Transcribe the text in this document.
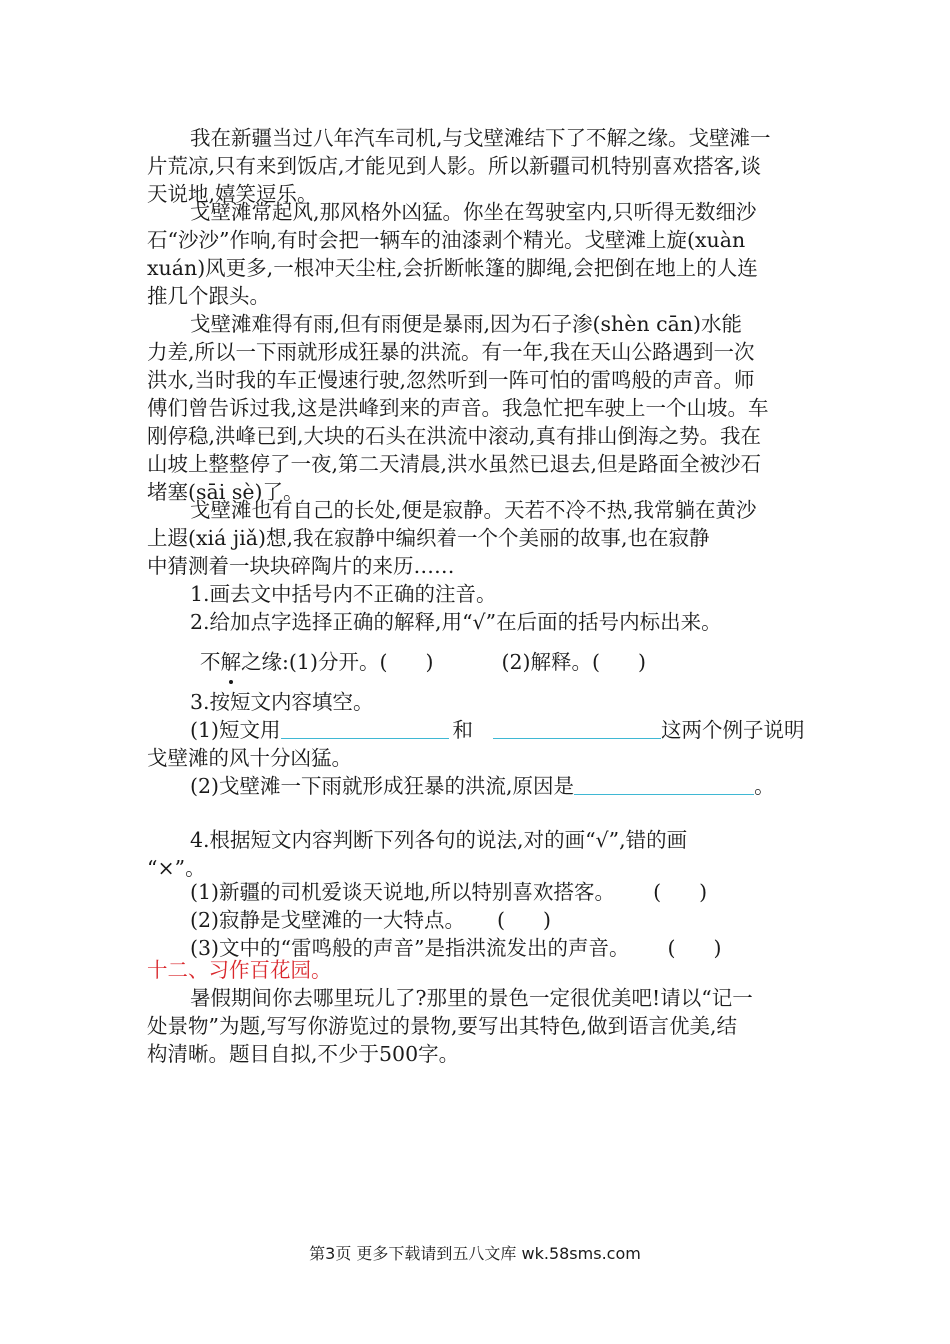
我在新疆当过八年汽车司机,与戈壁滩结下了不解之缘。戈壁滩一
片荒凉,只有来到饭店,才能见到人影。所以新疆司机特别喜欢搭客,谈
天说地,嬉笑逗乐。
戈壁滩常起风,那风格外凶猛。你坐在驾驶室内,只听得无数细沙
石“沙沙”作响,有时会把一辆车的油漆剥个精光。戈壁滩上旋(xuàn
xuán)风更多,一根冲天尘柱,会折断帐篷的脚绳,会把倒在地上的人连
推几个跟头。
戈壁滩难得有雨,但有雨便是暴雨,因为石子渗(shèn cān)水能
力差,所以一下雨就形成狂暴的洪流。有一年,我在天山公路遇到一次
洪水,当时我的车正慢速行驶,忽然听到一阵可怕的雷鸣般的声音。师
傅们曾告诉过我,这是洪峰到来的声音。我急忙把车驶上一个山坡。车
刚停稳,洪峰已到,大块的石头在洪流中滚动,真有排山倒海之势。我在
山坡上整整停了一夜,第二天清晨,洪水虽然已退去,但是路面全被沙石
堵塞(sāi sè)了。
戈壁滩也有自己的长处,便是寂静。天若不冷不热,我常躺在黄沙
上遐(xiá jiǎ)想,我在寂静中编织着一个个美丽的故事,也在寂静
中猜测着一块块碎陶片的来历……
1.画去文中括号内不正确的注音。
2.给加点字选择正确的解释,用“√”在后面的括号内标出来。
不解之缘:(1)分开。( )	(2)解释。( )
3.按短文内容填空。
(1)短文用	和	这两个例子说明
戈壁滩的风十分凶猛。
(2)戈壁滩一下雨就形成狂暴的洪流,原因是	。
4.根据短文内容判断下列各句的说法,对的画“√”,错的画
“×”。
(1)新疆的司机爱谈天说地,所以特别喜欢搭客。 ( )
(2)寂静是戈壁滩的一大特点。 ( )
(3)文中的“雷鸣般的声音”是指洪流发出的声音。 ( )
十二、习作百花园。
暑假期间你去哪里玩儿了?那里的景色一定很优美吧!请以“记一
处景物”为题,写写你游览过的景物,要写出其特色,做到语言优美,结
构清晰。题目自拟,不少于500字。
第3页 更多下载请到五八文库 wk.58sms.com
